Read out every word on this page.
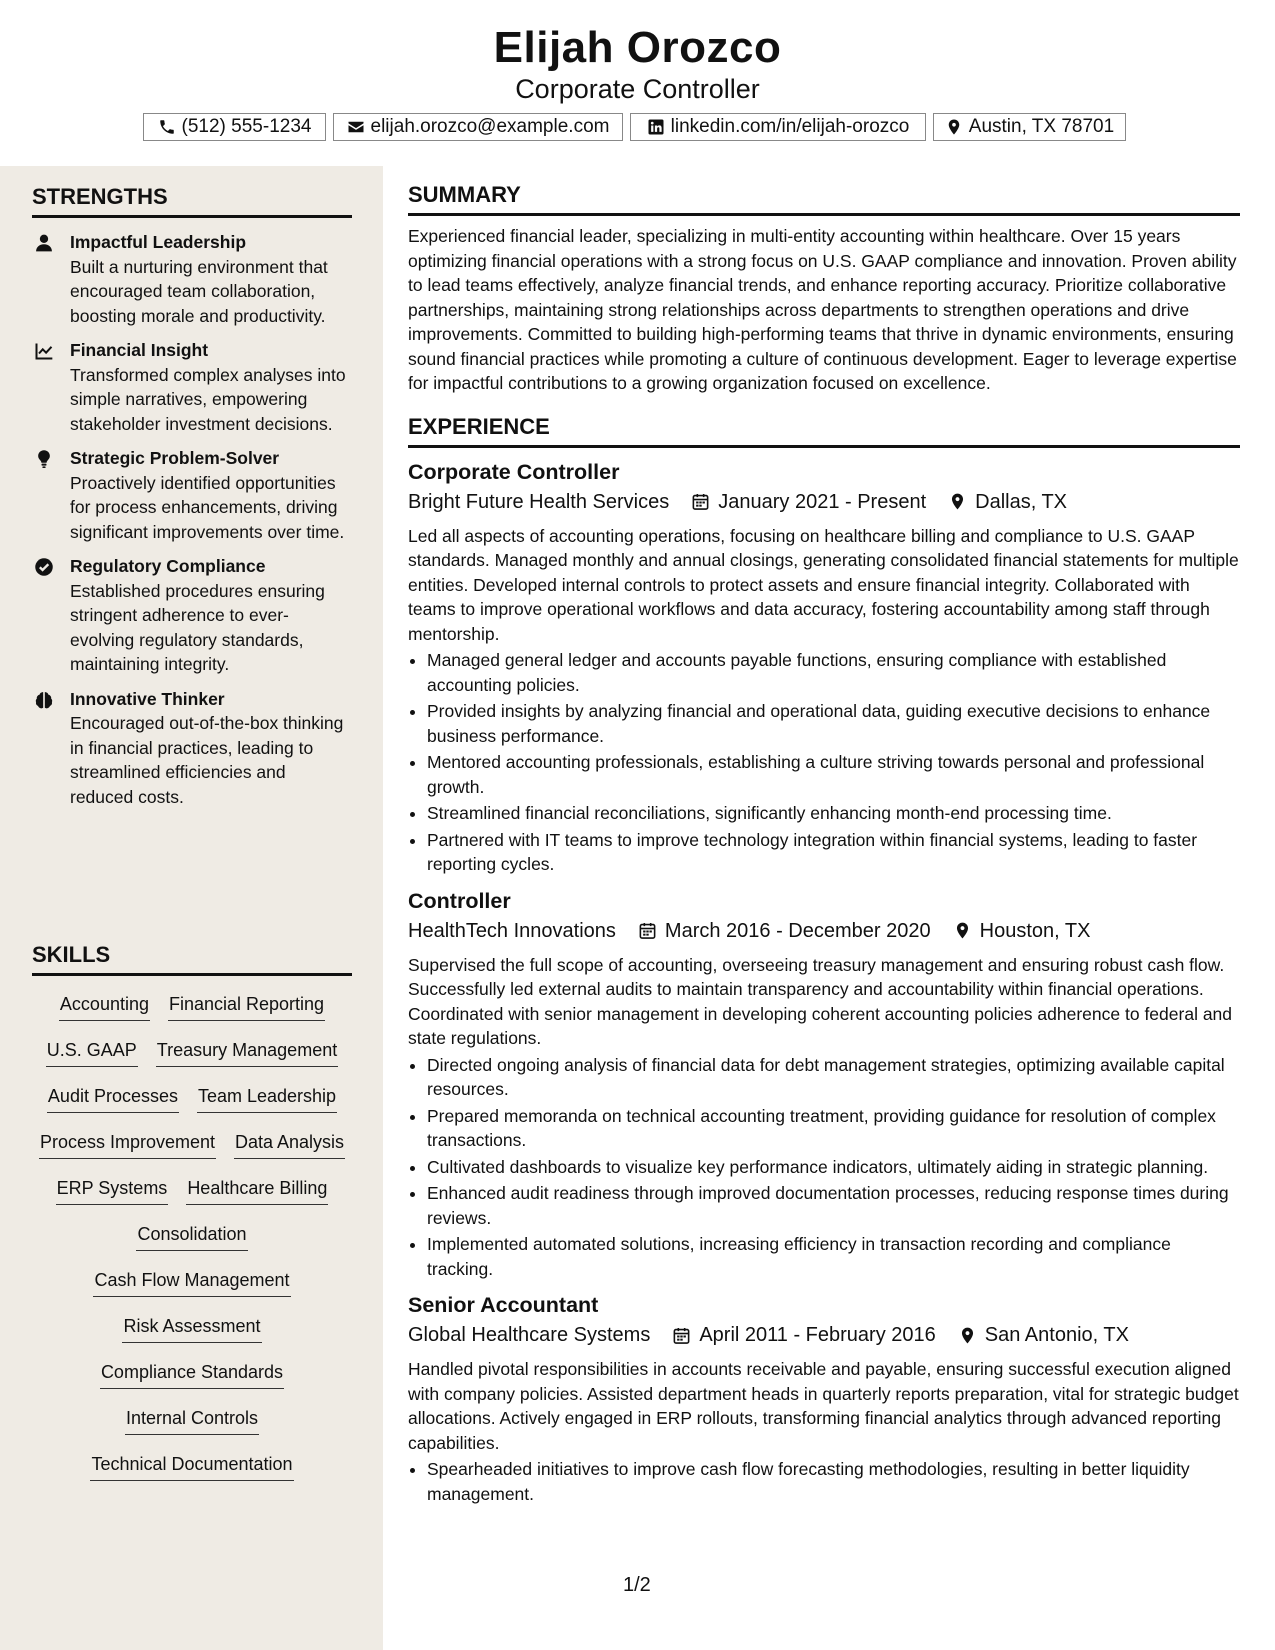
Elijah Orozco
Corporate Controller
(512) 555-1234	elijah.orozco@example.com	linkedin.com/in/elijah-orozco	Austin, TX 78701
STRENGTHS
Impactful Leadership
Built a nurturing environment that encouraged team collaboration, boosting morale and productivity.
Financial Insight
Transformed complex analyses into simple narratives, empowering stakeholder investment decisions.
Strategic Problem-Solver
Proactively identified opportunities for process enhancements, driving significant improvements over time.
Regulatory Compliance
Established procedures ensuring stringent adherence to ever-evolving regulatory standards, maintaining integrity.
Innovative Thinker
Encouraged out-of-the-box thinking in financial practices, leading to streamlined efficiencies and reduced costs.
SKILLS
Accounting Financial Reporting
U.S. GAAP Treasury Management
Audit Processes Team Leadership
Process Improvement Data Analysis
ERP Systems Healthcare Billing
Consolidation
Cash Flow Management
Risk Assessment
Compliance Standards
Internal Controls
Technical Documentation
SUMMARY

Experienced financial leader, specializing in multi-entity accounting within healthcare. Over 15 years optimizing financial operations with a strong focus on U.S. GAAP compliance and innovation. Proven ability to lead teams effectively, analyze financial trends, and enhance reporting accuracy. Prioritize collaborative partnerships, maintaining strong relationships across departments to strengthen operations and drive improvements. Committed to building high-performing teams that thrive in dynamic environments, ensuring sound financial practices while promoting a culture of continuous development. Eager to leverage expertise for impactful contributions to a growing organization focused on excellence.

EXPERIENCE
Corporate Controller
Bright Future Health Services January 2021 - Present Dallas, TX

Led all aspects of accounting operations, focusing on healthcare billing and compliance to U.S. GAAP standards. Managed monthly and annual closings, generating consolidated financial statements for multiple entities. Developed internal controls to protect assets and ensure financial integrity. Collaborated with teams to improve operational workflows and data accuracy, fostering accountability among staff through mentorship.

• Managed general ledger and accounts payable functions, ensuring compliance with established accounting policies.
• Provided insights by analyzing financial and operational data, guiding executive decisions to enhance business performance.
• Mentored accounting professionals, establishing a culture striving towards personal and professional growth.
• Streamlined financial reconciliations, significantly enhancing month-end processing time.
• Partnered with IT teams to improve technology integration within financial systems, leading to faster reporting cycles.
Controller
HealthTech Innovations March 2016 - December 2020 Houston, TX

Supervised the full scope of accounting, overseeing treasury management and ensuring robust cash flow. Successfully led external audits to maintain transparency and accountability within financial operations. Coordinated with senior management in developing coherent accounting policies adherence to federal and state regulations.

• Directed ongoing analysis of financial data for debt management strategies, optimizing available capital resources.
• Prepared memoranda on technical accounting treatment, providing guidance for resolution of complex transactions.
• Cultivated dashboards to visualize key performance indicators, ultimately aiding in strategic planning.
• Enhanced audit readiness through improved documentation processes, reducing response times during reviews.
• Implemented automated solutions, increasing efficiency in transaction recording and compliance tracking.
Senior Accountant
Global Healthcare Systems April 2011 - February 2016 San Antonio, TX

Handled pivotal responsibilities in accounts receivable and payable, ensuring successful execution aligned with company policies. Assisted department heads in quarterly reports preparation, vital for strategic budget allocations. Actively engaged in ERP rollouts, transforming financial analytics through advanced reporting capabilities.

• Spearheaded initiatives to improve cash flow forecasting methodologies, resulting in better liquidity management.
1/2
